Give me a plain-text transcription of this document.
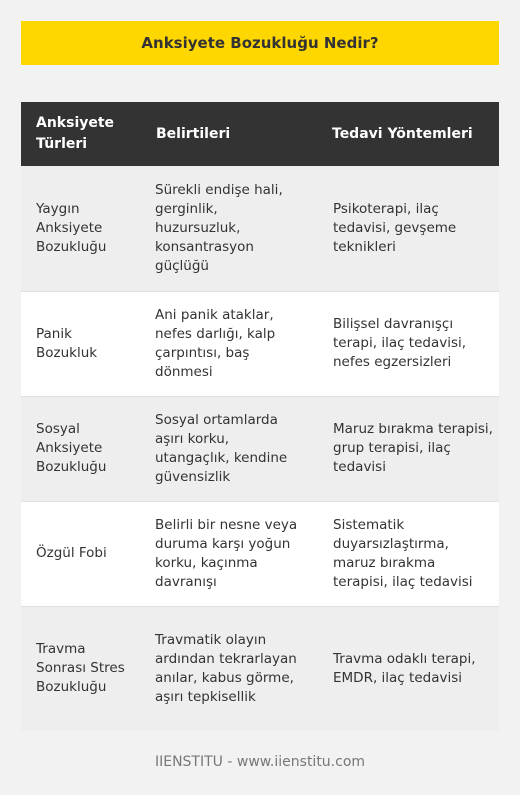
Anksiyete Bozukluğu Nedir?
Anksiyete Türleri	Belirtileri	Tedavi Yöntemleri
Yaygın Anksiyete Bozukluğu	Sürekli endişe hali, gerginlik, huzursuzluk, konsantrasyon güçlüğü	Psikoterapi, ilaç tedavisi, gevşeme teknikleri
Panik Bozukluk	Ani panik ataklar, nefes darlığı, kalp çarpıntısı, baş dönmesi	Bilişsel davranışçı terapi, ilaç tedavisi, nefes egzersizleri
Sosyal Anksiyete Bozukluğu	Sosyal ortamlarda aşırı korku, utangaçlık, kendine güvensizlik	Maruz bırakma terapisi, grup terapisi, ilaç tedavisi
Özgül Fobi	Belirli bir nesne veya duruma karşı yoğun korku, kaçınma davranışı	Sistematik duyarsızlaştırma, maruz bırakma terapisi, ilaç tedavisi
Travma Sonrası Stres Bozukluğu	Travmatik olayın ardından tekrarlayan anılar, kabus görme, aşırı tepkisellik	Travma odaklı terapi, EMDR, ilaç tedavisi
IIENSTITU - www.iienstitu.com
